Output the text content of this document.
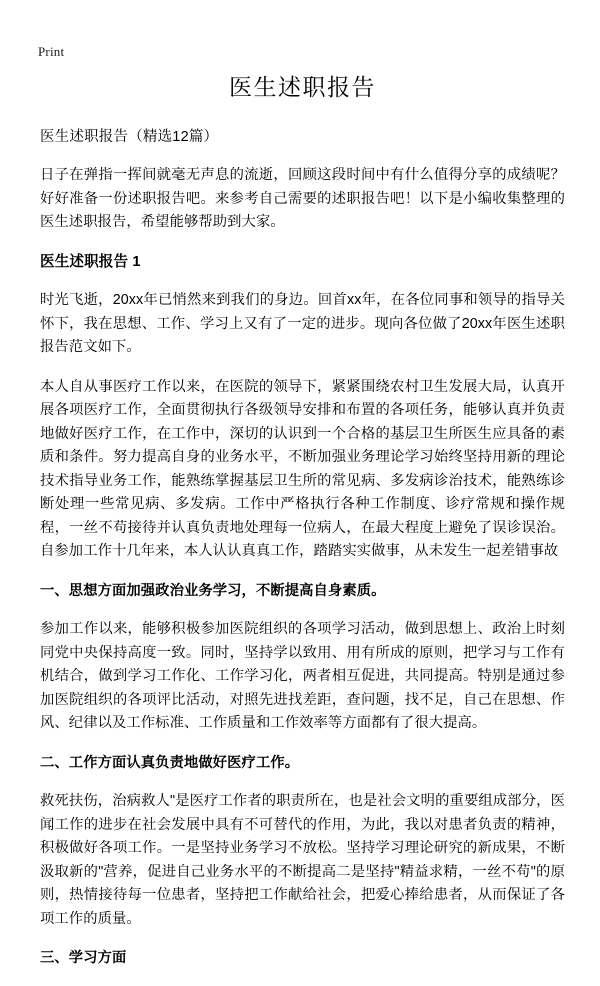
Print
医生述职报告
医生述职报告（精选12篇）

日子在弹指一挥间就毫无声息的流逝，回顾这段时间中有什么值得分享的成绩呢？好好准备一份述职报告吧。来参考自己需要的述职报告吧！以下是小编收集整理的医生述职报告，希望能够帮助到大家。

医生述职报告 1

时光飞逝，20xx年已悄然来到我们的身边。回首xx年，在各位同事和领导的指导关怀下，我在思想、工作、学习上又有了一定的进步。现向各位做了20xx年医生述职报告范文如下。

本人自从事医疗工作以来，在医院的领导下，紧紧围绕农村卫生发展大局，认真开展各项医疗工作，全面贯彻执行各级领导安排和布置的各项任务，能够认真并负责地做好医疗工作，在工作中，深切的认识到一个合格的基层卫生所医生应具备的素质和条件。努力提高自身的业务水平，不断加强业务理论学习始终坚持用新的理论技术指导业务工作，能熟练掌握基层卫生所的常见病、多发病诊治技术，能熟练诊断处理一些常见病、多发病。工作中严格执行各种工作制度、诊疗常规和操作规程，一丝不苟接待并认真负责地处理每一位病人，在最大程度上避免了误诊误治。自参加工作十几年来，本人认认真真工作，踏踏实实做事，从未发生一起差错事故

一、思想方面加强政治业务学习，不断提高自身素质。

参加工作以来，能够积极参加医院组织的各项学习活动，做到思想上、政治上时刻同党中央保持高度一致。同时，坚持学以致用、用有所成的原则，把学习与工作有机结合，做到学习工作化、工作学习化，两者相互促进，共同提高。特别是通过参加医院组织的各项评比活动，对照先进找差距，查问题，找不足，自己在思想、作风、纪律以及工作标准、工作质量和工作效率等方面都有了很大提高。

二、工作方面认真负责地做好医疗工作。

救死扶伤，治病救人"是医疗工作者的职责所在，也是社会文明的重要组成部分，医闻工作的进步在社会发展中具有不可替代的作用，为此，我以对患者负责的精神，积极做好各项工作。一是坚持业务学习不放松。坚持学习理论研究的新成果，不断汲取新的"营养，促进自己业务水平的不断提高二是坚持"精益求精，一丝不苟"的原则，热情接待每一位患者，坚持把工作献给社会，把爱心捧给患者，从而保证了各项工作的质量。

三、学习方面
